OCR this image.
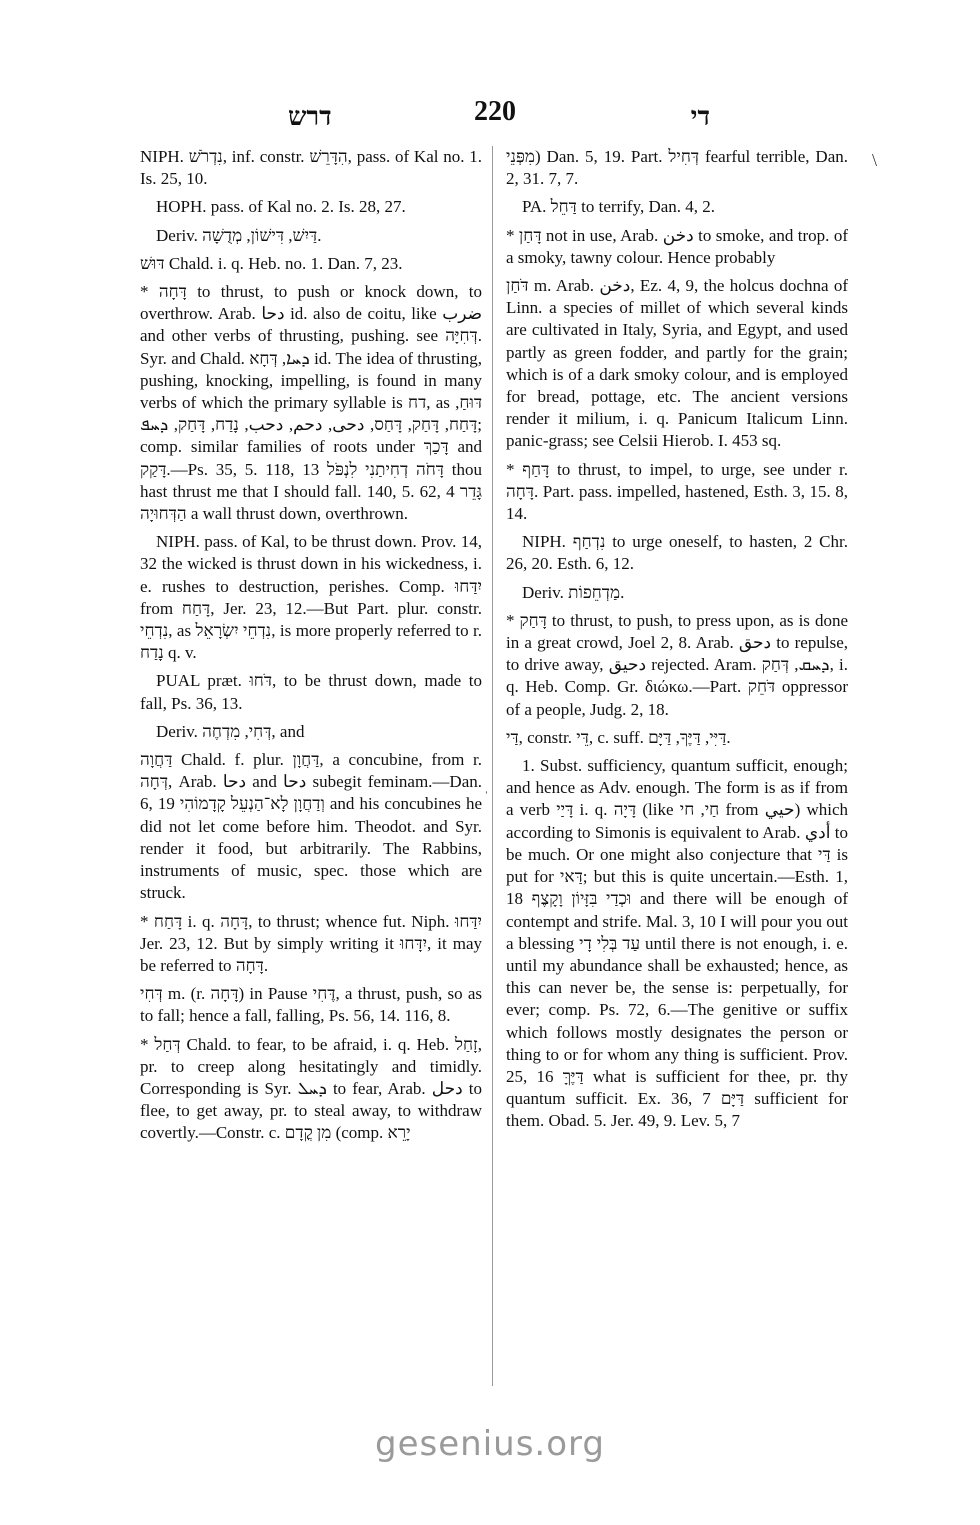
דרש	220	די

NIPH. נִדְרֹשׁ, inf. constr. הִדָּרֵשׁ, pass. of Kal no. 1. Is. 25, 10.

HOPH. pass. of Kal no. 2. Is. 28, 27.

Deriv. דַּיִשׁ, דִּישׁוֹן, מְדֻשָׁה.

דּוּשׁ Chald. i. q. Heb. no. 1. Dan. 7, 23.

* דָּחָה to thrust, to push or knock down, to overthrow. Arab. دحا id. also de coitu, like ضرب and other verbs of thrusting, pushing. see דְּחִיָּה. Syr. and Chald. ܕܚܐ, דְּחָא id. The idea of thrusting, pushing, knocking, impelling, is found in many verbs of which the primary syllable is דח, as דּוּחַ, דָּחַח, דָּחַק, דָּחַס, دحى, دحم, دحب, נָדַח, דָּחַק, ܕܚܦ; comp. similar families of roots under דָּכַךְ and דָּקַק.—Ps. 35, 5. 118, 13 דָּחֹה דְחִיתַנִי לִנְפֹּל thou hast thrust me that I should fall. 140, 5. 62, 4 גָּדֵר הַדְּחוּיָה a wall thrust down, overthrown.

NIPH. pass. of Kal, to be thrust down. Prov. 14, 32 the wicked is thrust down in his wickedness, i. e. rushes to destruction, perishes. Comp. יִדַּחוּ from דָּחַח, Jer. 23, 12.—But Part. plur. constr. נִדְחֵי, as נִדְחֵי יִשְׂרָאֵל, is more properly referred to r. נָדַח q. v.

PUAL præt. דֹּחוּ, to be thrust down, made to fall, Ps. 36, 13.

Deriv. דְּחִי, מִדְחֶה, and

דַּחֲוָה Chald. f. plur. דַּחֲוָן, a concubine, from r. דְּחָה, Arab. دحا and دحا subegit feminam.—Dan. 6, 19 וְדַחֲוָן לָא־הַנְעֵל קָדָמוֹהִי and his concubines he did not let come before him. Theodot. and Syr. render it food, but arbitrarily. The Rabbins, instruments of music, spec. those which are struck.

* דָּחַח i. q. דָּחָה, to thrust; whence fut. Niph. יִדַּחוּ Jer. 23, 12. But by simply writing it יִדָּחוּ, it may be referred to דָּחָה.

דְּחִי m. (r. דָּחָה) in Pause דֶּחִי, a thrust, push, so as to fall; hence a fall, falling, Ps. 56, 14. 116, 8.

* דְּחַל Chald. to fear, to be afraid, i. q. Heb. זָחַל, pr. to creep along hesitatingly and timidly. Corresponding is Syr. ܕܚܠ to fear, Arab. دحل to flee, to get away, pr. to steal away, to withdraw covertly.—Constr. c. מִן קֳדָם (comp. יָרֵא

ˈ
\

מִפְּנֵי) Dan. 5, 19. Part. דְּחִיל fearful terrible, Dan. 2, 31. 7, 7.

PA. דַּחֵל to terrify, Dan. 4, 2.

* דָּחַן not in use, Arab. دخن to smoke, and trop. of a smoky, tawny colour. Hence probably

דֹּחַן m. Arab. دخن, Ez. 4, 9, the holcus dochna of Linn. a species of millet of which several kinds are cultivated in Italy, Syria, and Egypt, and used partly as green fodder, and partly for the grain; which is of a dark smoky colour, and is employed for bread, pottage, etc. The ancient versions render it milium, i. q. Panicum Italicum Linn. panic-grass; see Celsii Hierob. I. 453 sq.

* דָּחַף to thrust, to impel, to urge, see under r. דָּחָה. Part. pass. impelled, hastened, Esth. 3, 15. 8, 14.

NIPH. נִדְחַף to urge oneself, to hasten, 2 Chr. 26, 20. Esth. 6, 12.

Deriv. מַדְחֵפוֹת.

* דָּחַק to thrust, to push, to press upon, as is done in a great crowd, Joel 2, 8. Arab. دحق to repulse, to drive away, دحيق rejected. Aram. ܕܚܩ, דְּחַק, i. q. Heb. Comp. Gr. διώκω.—Part. דֹּחֵק oppressor of a people, Judg. 2, 18.

דַּי, constr. דֵּי, c. suff. דַּיִּי, דַּיֶּךָ, דַּיָּם.

1. Subst. sufficiency, quantum sufficit, enough; and hence as Adv. enough. The form is as if from a verb דָּיַי i. q. דָּיָה (like חַי, חי from حيي) which according to Simonis is equivalent to Arab. أدي to be much. Or one might also conjecture that דַּי is put for דַּאי; but this is quite uncertain.—Esth. 1, 18 וּכְדַי בִּזָּיוֹן וָקָצֶף and there will be enough of contempt and strife. Mal. 3, 10 I will pour you out a blessing עַד בְּלִי דָי until there is not enough, i. e. until my abundance shall be exhausted; hence, as this can never be, the sense is: perpetually, for ever; comp. Ps. 72, 6.—The genitive or suffix which follows mostly designates the person or thing to or for whom any thing is sufficient. Prov. 25, 16 דַּיֶּךָּ what is sufficient for thee, pr. thy quantum sufficit. Ex. 36, 7 דַּיָּם sufficient for them. Obad. 5. Jer. 49, 9. Lev. 5, 7

gesenius.org
